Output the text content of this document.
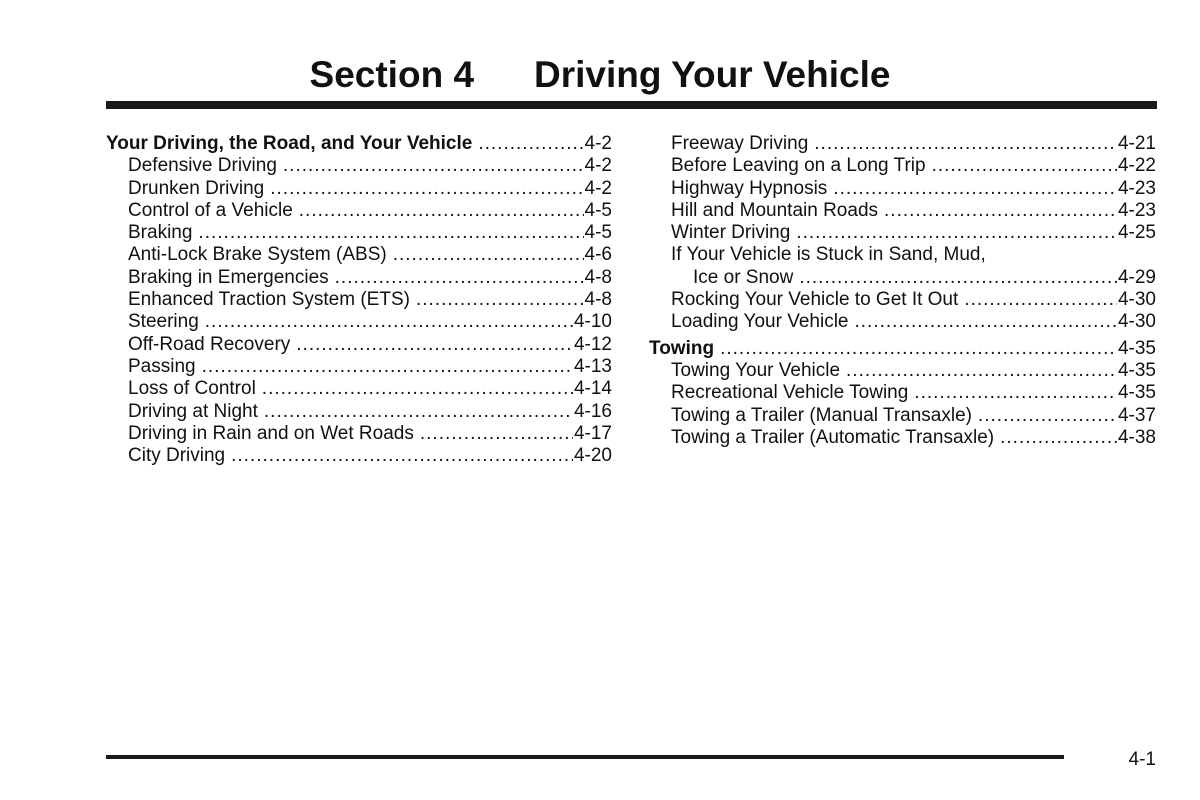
Section 4 Driving Your Vehicle
Your Driving, the Road, and Your Vehicle .....	4-2
Defensive Driving .....	4-2
Drunken Driving .....	4-2
Control of a Vehicle .....	4-5
Braking .....	4-5
Anti-Lock Brake System (ABS) .....	4-6
Braking in Emergencies .....	4-8
Enhanced Traction System (ETS) .....	4-8
Steering .....	4-10
Off-Road Recovery .....	4-12
Passing .....	4-13
Loss of Control .....	4-14
Driving at Night .....	4-16
Driving in Rain and on Wet Roads .....	4-17
City Driving .....	4-20
Freeway Driving .....	4-21
Before Leaving on a Long Trip .....	4-22
Highway Hypnosis .....	4-23
Hill and Mountain Roads .....	4-23
Winter Driving .....	4-25
If Your Vehicle is Stuck in Sand, Mud,
Ice or Snow .....	4-29
Rocking Your Vehicle to Get It Out .....	4-30
Loading Your Vehicle .....	4-30
Towing .....	4-35
Towing Your Vehicle .....	4-35
Recreational Vehicle Towing .....	4-35
Towing a Trailer (Manual Transaxle) .....	4-37
Towing a Trailer (Automatic Transaxle) .....	4-38
4-1
